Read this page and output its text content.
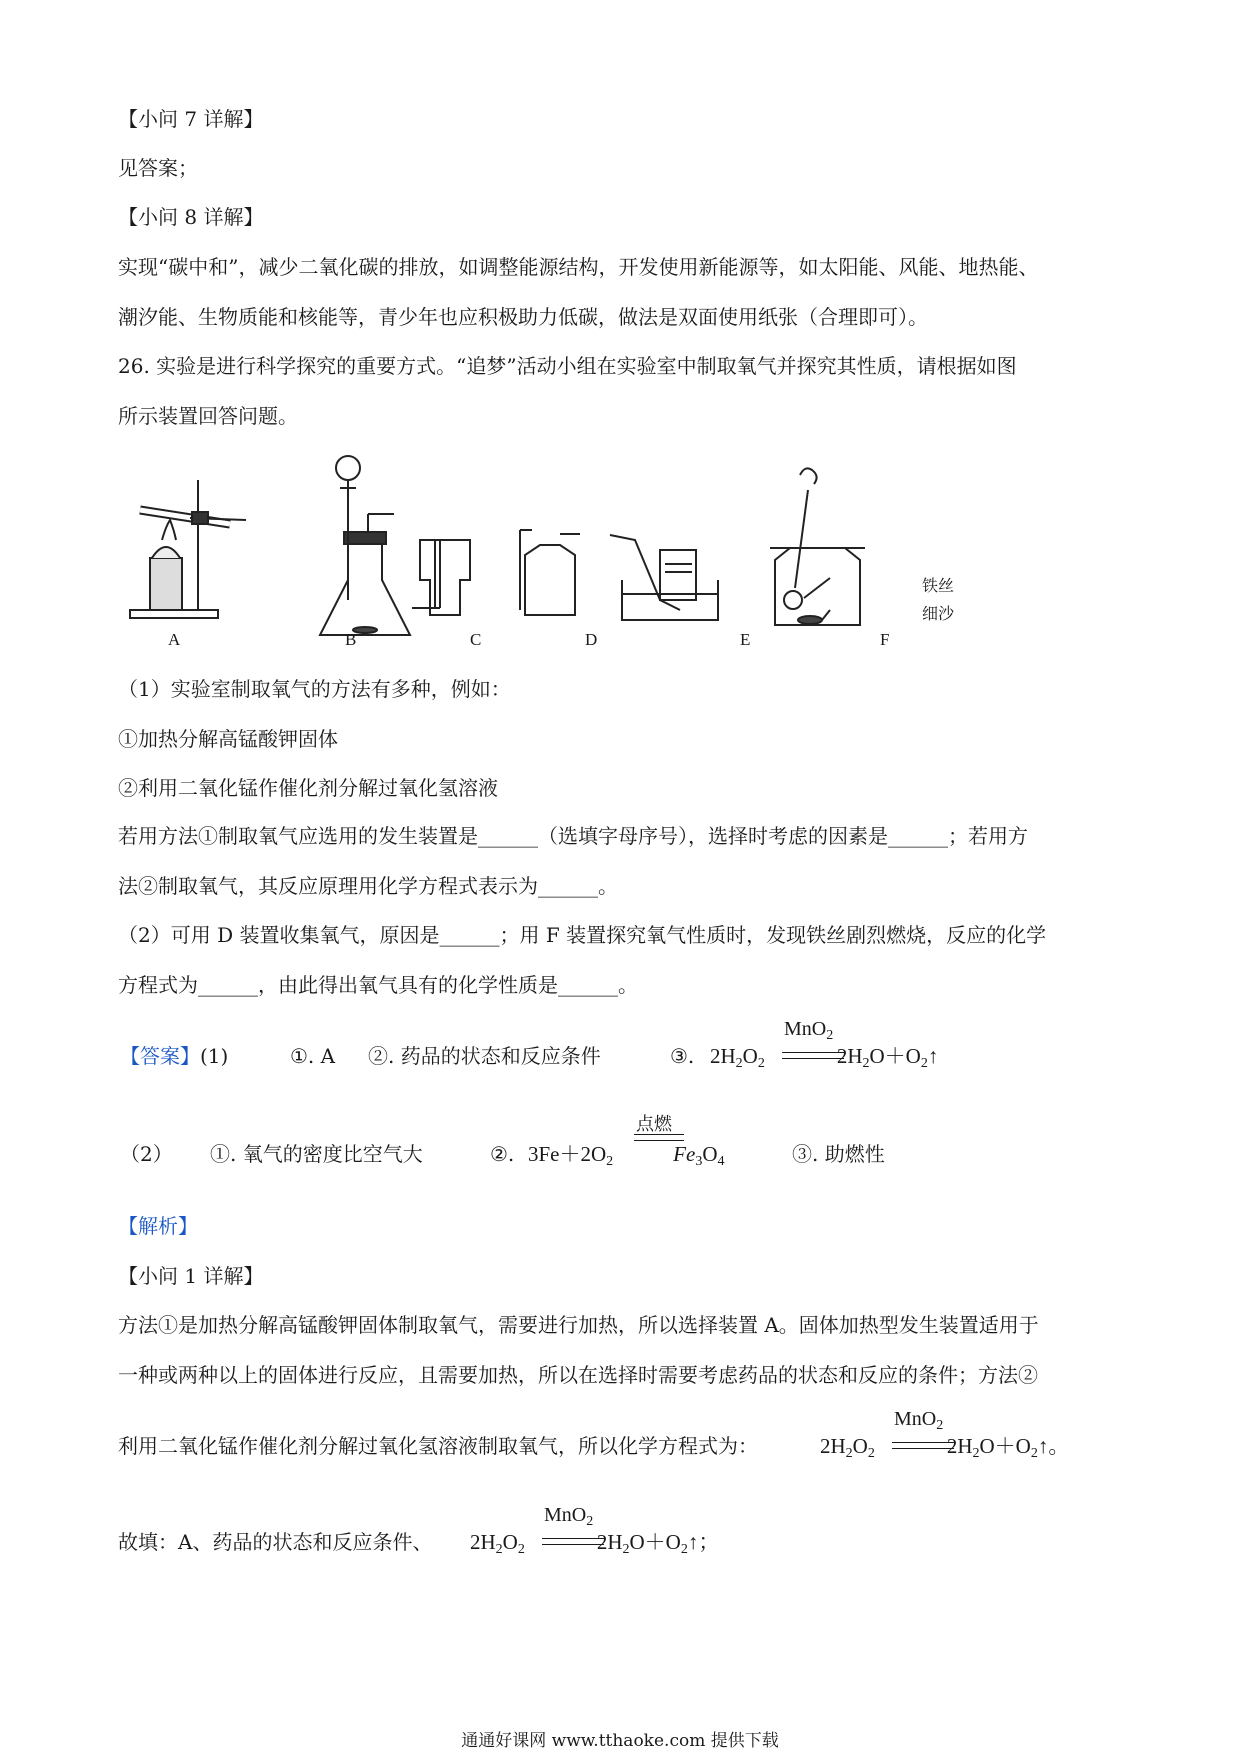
【小问 7 详解】
见答案；
【小问 8 详解】
实现“碳中和”，减少二氧化碳的排放，如调整能源结构，开发使用新能源等，如太阳能、风能、地热能、
潮汐能、生物质能和核能等，青少年也应积极助力低碳，做法是双面使用纸张（合理即可）。
26. 实验是进行科学探究的重要方式。“追梦”活动小组在实验室中制取氧气并探究其性质，请根据如图
所示装置回答问题。
A	B	C	D	E	F
铁丝
细沙
（1）实验室制取氧气的方法有多种，例如：
①加热分解高锰酸钾固体
②利用二氧化锰作催化剂分解过氧化氢溶液
若用方法①制取氧气应选用的发生装置是______（选填字母序号），选择时考虑的因素是______；若用方
法②制取氧气，其反应原理用化学方程式表示为______。
（2）可用 D 装置收集氧气，原因是______；用 F 装置探究氧气性质时，发现铁丝剧烈燃烧，反应的化学
方程式为______，由此得出氧气具有的化学性质是______。
【答案】 (1)	①. A ②. 药品的状态和反应条件	③. $2H_2O_2$	$2H_2O+O_2↑$
MnO$_2$
（2） ①. 氧气的密度比空气大	②. $3Fe+2O_2$	$Fe_3O_4$
点燃
③. 助燃性
【解析】
【小问 1 详解】
方法①是加热分解高锰酸钾固体制取氧气，需要进行加热，所以选择装置 A。固体加热型发生装置适用于
一种或两种以上的固体进行反应，且需要加热，所以在选择时需要考虑药品的状态和反应的条件；方法②
利用二氧化锰作催化剂分解过氧化氢溶液制取氧气，所以化学方程式为：	$2H_2O_2$	$2H_2O+O_2↑$。
MnO$_2$
故填：A、药品的状态和反应条件、 $2H_2O_2$	$2H_2O+O_2↑$；
MnO$_2$
通通好课网 www.tthaoke.com 提供下载
